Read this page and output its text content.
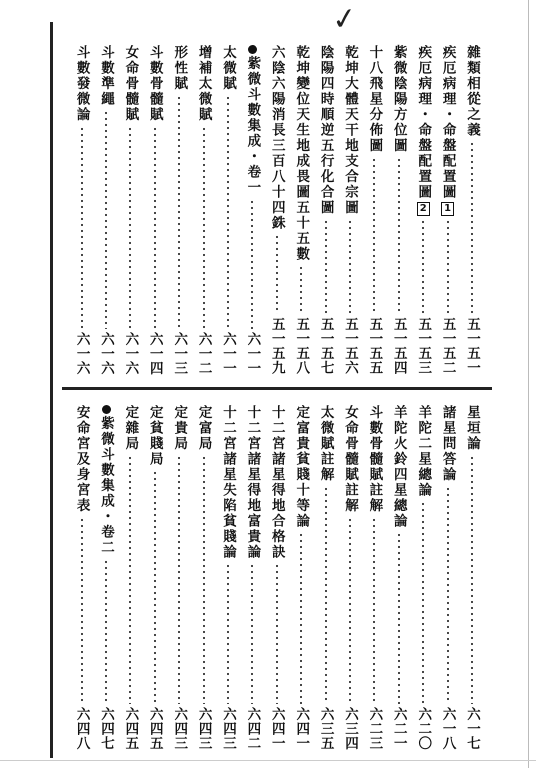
✓
雜類相從之義
五一五一
疾厄病理・命盤配置圖
1
五一五二
疾厄病理・命盤配置圖
2
五一五三
紫微陰陽方位圖
五一五四
十八飛星分佈圖
五一五五
乾坤大體天干地支合宗圖
五一五六
陰陽四時順逆五行化合圖
五一五七
乾坤變位天生地成畏圖五十五數
五一五八
六陰六陽消長三百八十四銖
五一五九
紫微斗數集成・卷一
六一一
太微賦
六一一
增補太微賦
六一二
形性賦
六一三
斗數骨髓賦
六一四
女命骨髓賦
六一六
斗數準繩
六一六
斗數發微論
六一六
星垣論
六一七
諸星問答論
六一八
羊陀二星總論
六二〇
羊陀火鈴四星總論
六二一
斗數骨髓賦註解
六二三
女命骨髓賦註解
六三四
太微賦註解
六三五
定富貴貧賤十等論
六四一
十二宮諸星得地合格訣
六四一
十二宮諸星得地富貴論
六四二
十二宮諸星失陷貧賤論
六四三
定富局
六四三
定貴局
六四三
定貧賤局
六四五
定雜局
六四五
紫微斗數集成・卷二
六四七
安命宮及身宮表
六四八
